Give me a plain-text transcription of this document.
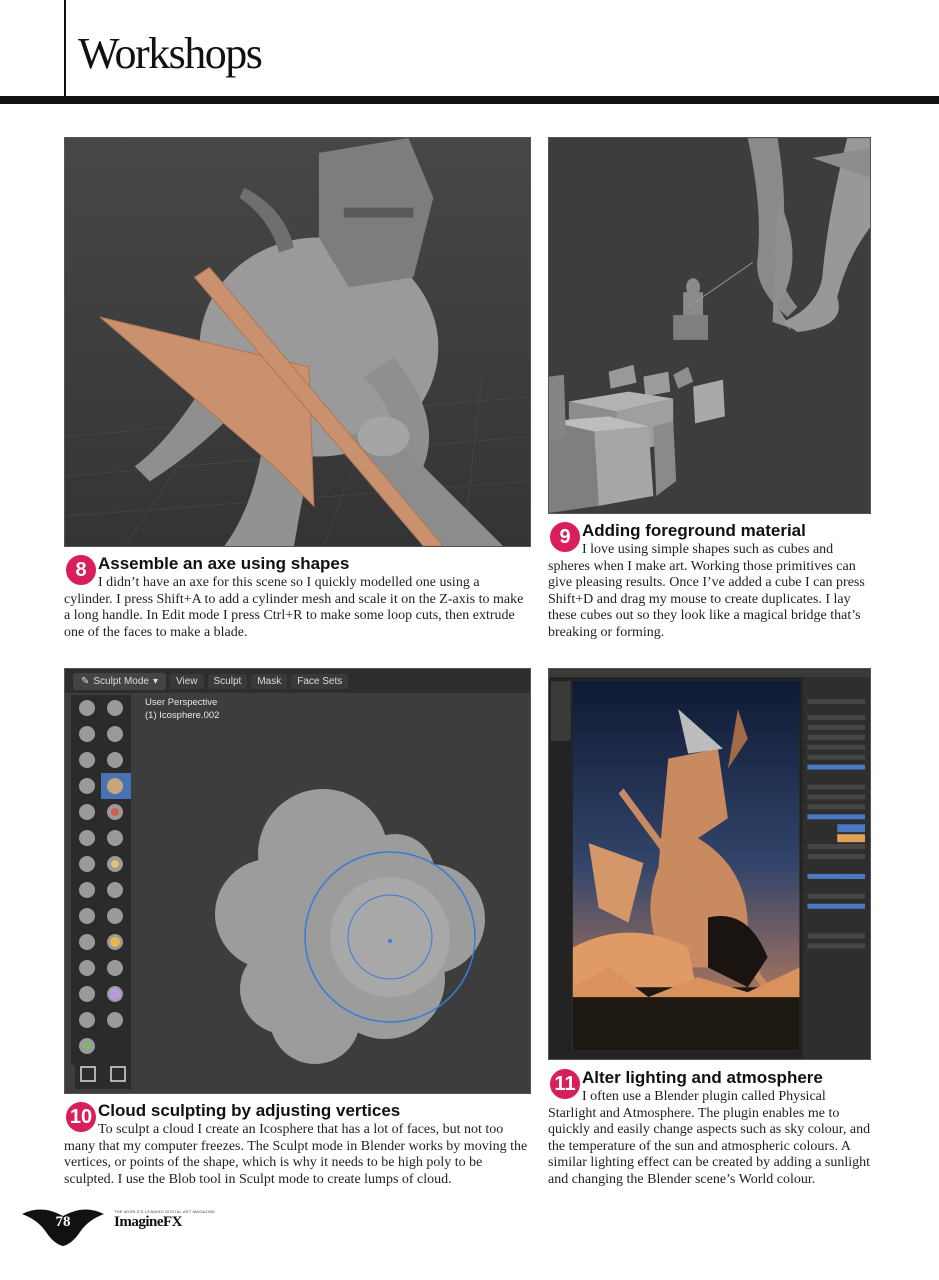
Workshops
8 Assemble an axe using shapes

I didn’t have an axe for this scene so I quickly modelled one using a cylinder. I press Shift+A to add a cylinder mesh and scale it on the Z-axis to make a long handle. In Edit mode I press Ctrl+R to make some loop cuts, then extrude one of the faces to make a blade.

9 Adding foreground material

I love using simple shapes such as cubes and spheres when I make art. Working those primitives can give pleasing results. Once I’ve added a cube I can press Shift+D and drag my mouse to create duplicates. I lay these cubes out so they look like a magical bridge that’s breaking or forming.

✎ Sculpt Mode ▾	View	Sculpt	Mask	Face Sets
User Perspective
(1) Icosphere.002
10 Cloud sculpting by adjusting vertices

To sculpt a cloud I create an Icosphere that has a lot of faces, but not too many that my computer freezes. The Sculpt mode in Blender works by moving the vertices, or points of the shape, which is why it needs to be high poly to be sculpted. I use the Blob tool in Sculpt mode to create lumps of cloud.

11 Alter lighting and atmosphere

I often use a Blender plugin called Physical Starlight and Atmosphere. The plugin enables me to quickly and easily change aspects such as sky colour, and the temperature of the sun and atmospheric colours. A similar lighting effect can be created by adding a sunlight and changing the Blender scene’s World colour.

78
THE WORLD'S LEADING DIGITAL ART MAGAZINE
ImagineFX
